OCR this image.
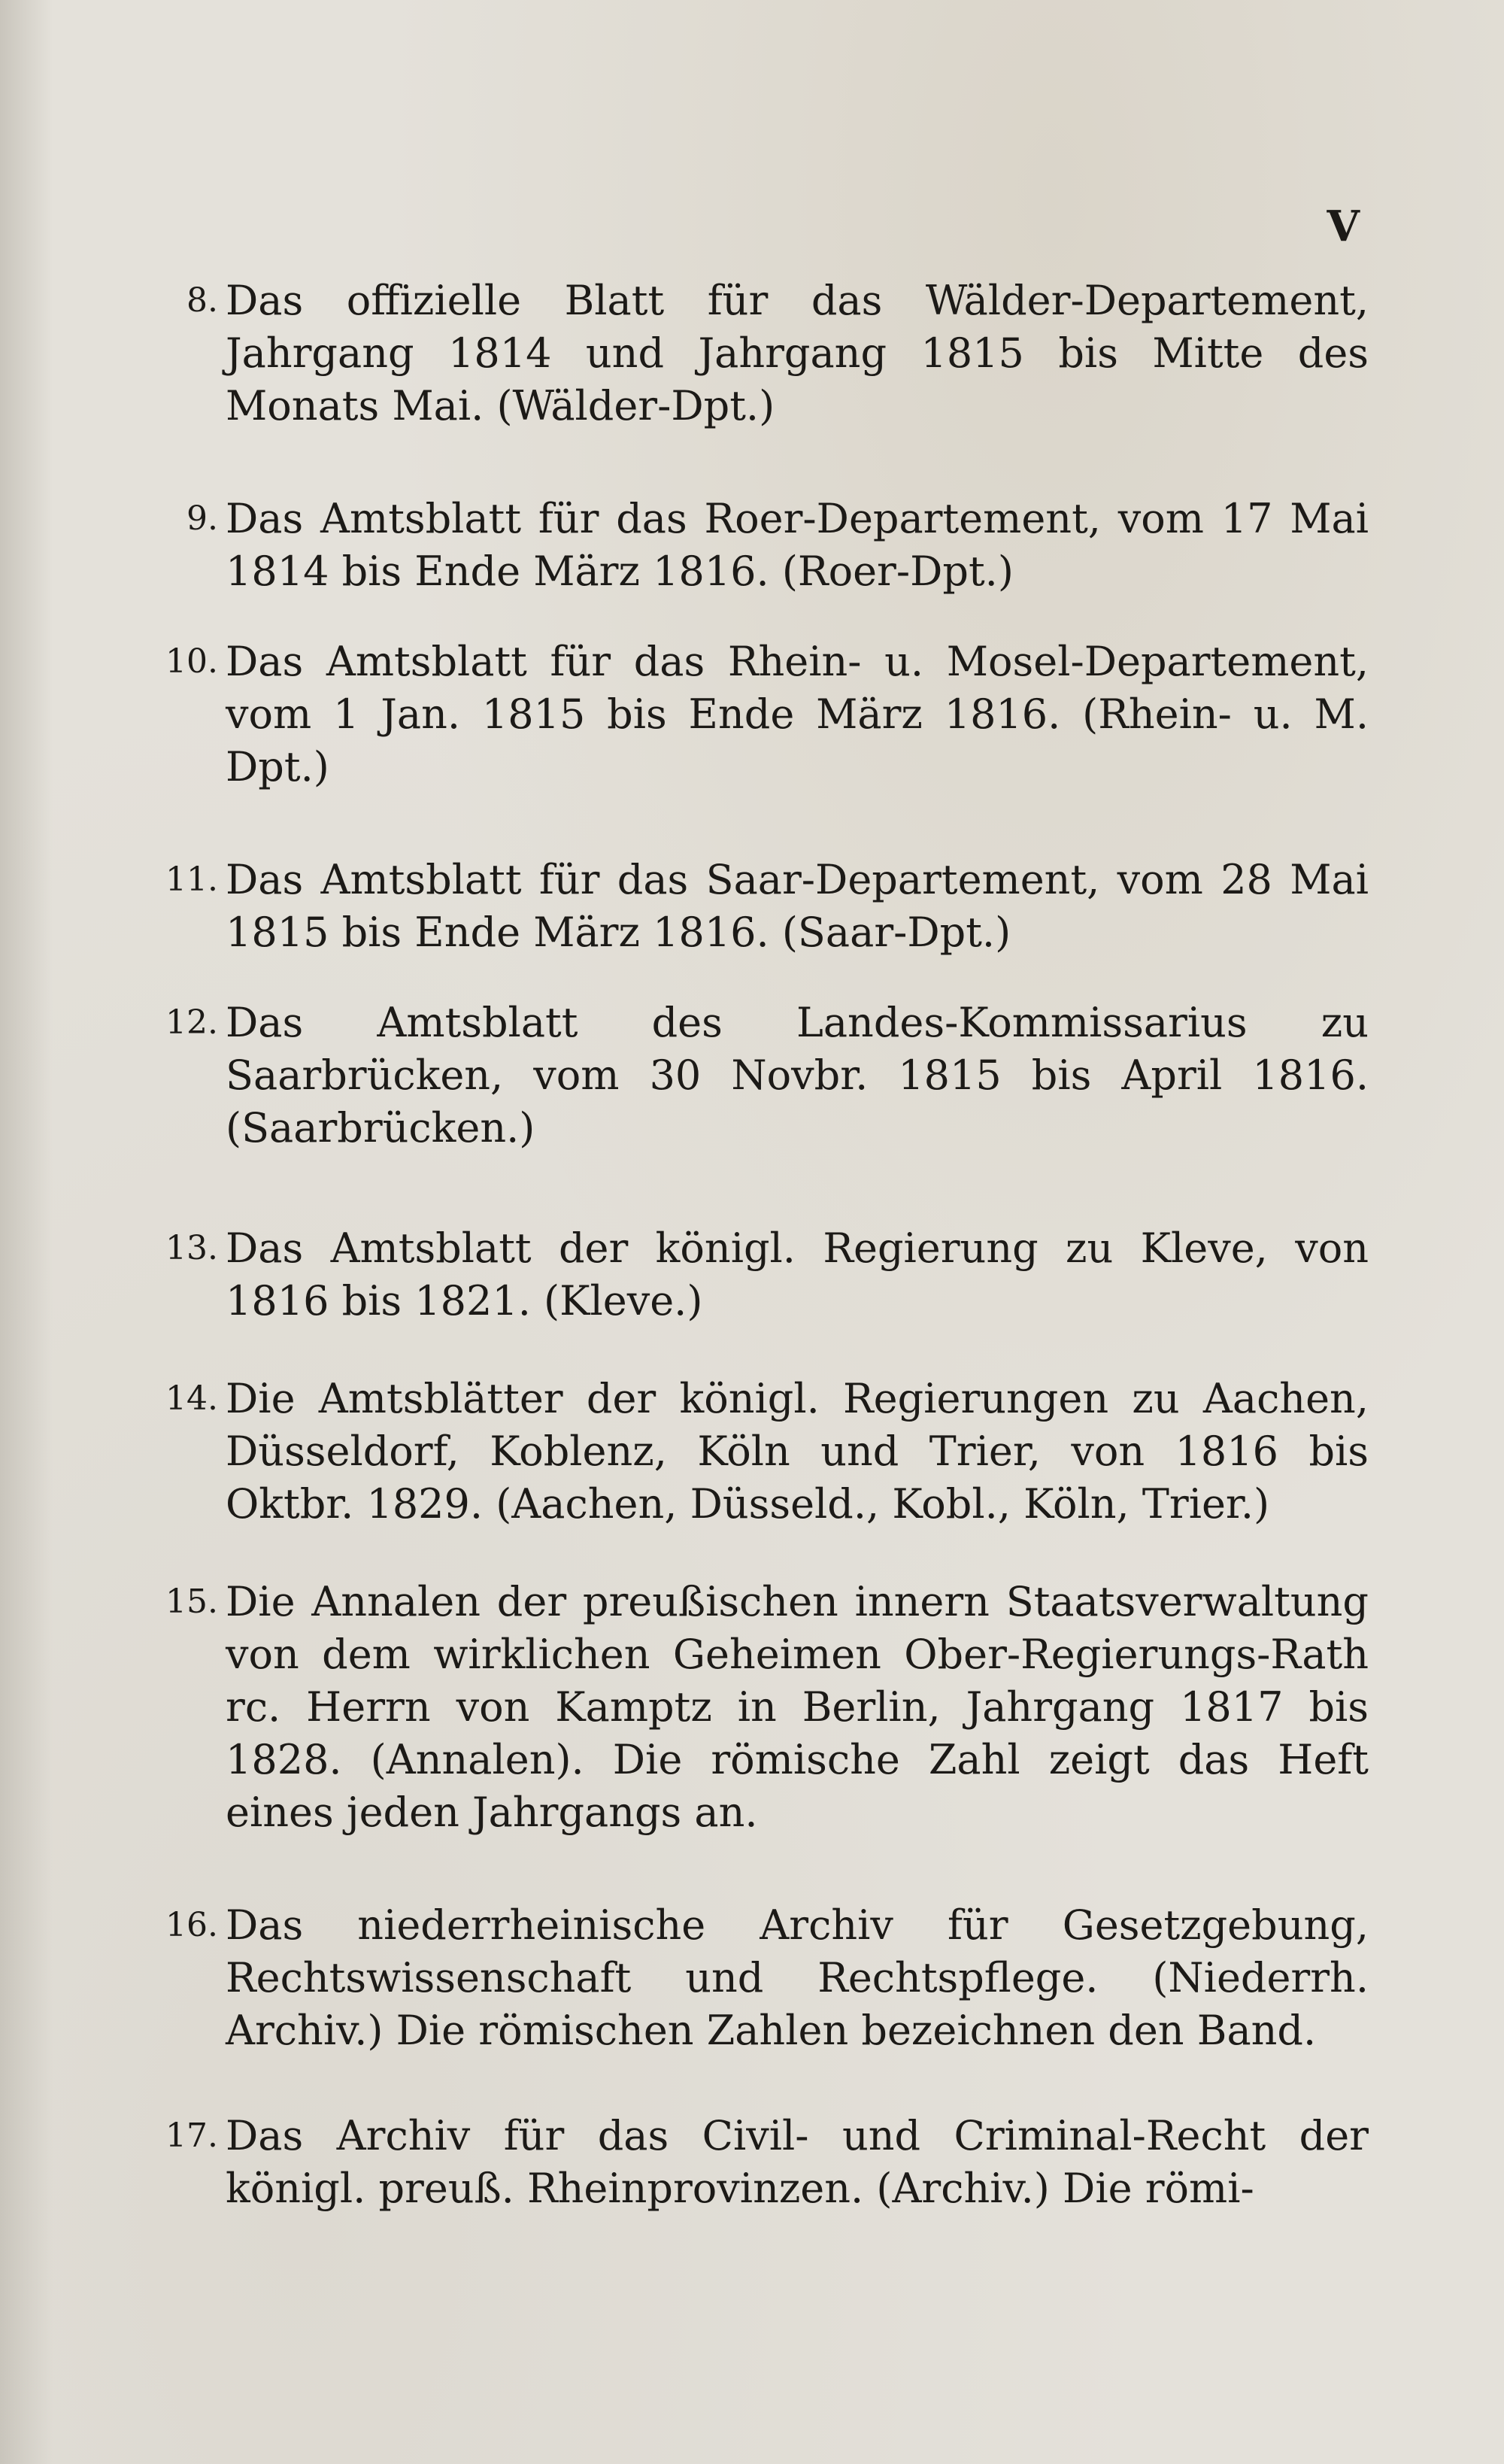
V
8. Das offizielle Blatt für das Wälder-Departement, Jahrgang 1814 und Jahrgang 1815 bis Mitte des Monats Mai. (Wälder-Dpt.)
9. Das Amtsblatt für das Roer-Departement, vom 17 Mai 1814 bis Ende März 1816. (Roer-Dpt.)
10. Das Amtsblatt für das Rhein- u. Mosel-Departement, vom 1 Jan. 1815 bis Ende März 1816. (Rhein- u. M. Dpt.)
11. Das Amtsblatt für das Saar-Departement, vom 28 Mai 1815 bis Ende März 1816. (Saar-Dpt.)
12. Das Amtsblatt des Landes-Kommissarius zu Saarbrücken, vom 30 Novbr. 1815 bis April 1816. (Saarbrücken.)
13. Das Amtsblatt der königl. Regierung zu Kleve, von 1816 bis 1821. (Kleve.)
14. Die Amtsblätter der königl. Regierungen zu Aachen, Düsseldorf, Koblenz, Köln und Trier, von 1816 bis Oktbr. 1829. (Aachen, Düsseld., Kobl., Köln, Trier.)
15. Die Annalen der preußischen innern Staatsverwaltung von dem wirklichen Geheimen Ober-Regierungs-Rath rc. Herrn von Kamptz in Berlin, Jahrgang 1817 bis 1828. (Annalen). Die römische Zahl zeigt das Heft eines jeden Jahrgangs an.
16. Das niederrheinische Archiv für Gesetzgebung, Rechtswissenschaft und Rechtspflege. (Niederrh. Archiv.) Die römischen Zahlen bezeichnen den Band.
17. Das Archiv für das Civil- und Criminal-Recht der königl. preuß. Rheinprovinzen. (Archiv.) Die römi-
